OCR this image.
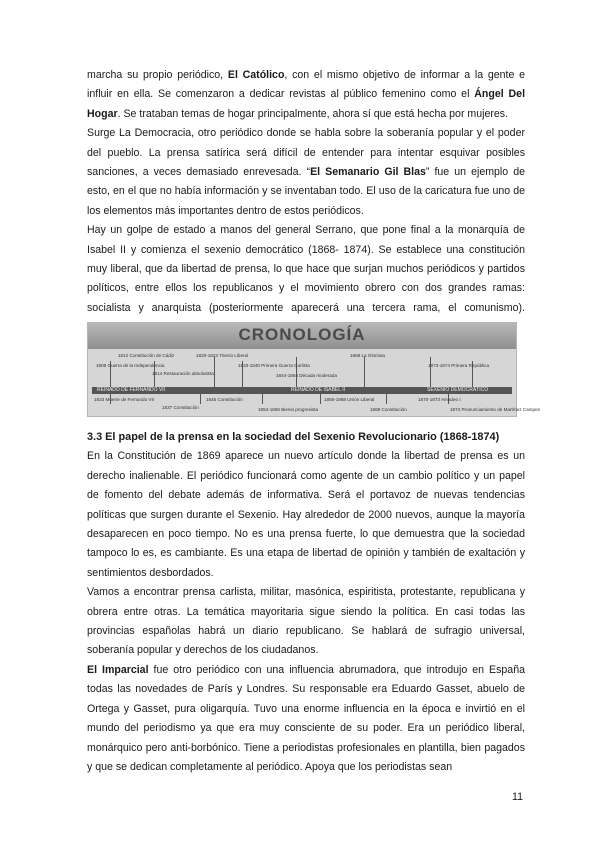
marcha su propio periódico, El Católico, con el mismo objetivo de informar a la gente e influir en ella. Se comenzaron a dedicar revistas al público femenino como el Ángel Del Hogar. Se trataban temas de hogar principalmente, ahora sí que está hecha por mujeres.

Surge La Democracia, otro periódico donde se habla sobre la soberanía popular y el poder del pueblo. La prensa satírica será difícil de entender para intentar esquivar posibles sanciones, a veces demasiado enrevesada. “El Semanario Gil Blas” fue un ejemplo de esto, en el que no había información y se inventaban todo. El uso de la caricatura fue uno de los elementos más importantes dentro de estos periódicos.

Hay un golpe de estado a manos del general Serrano, que pone final a la monarquía de Isabel II y comienza el sexenio democrático (1868- 1874). Se establece una constitución muy liberal, que da libertad de prensa, lo que hace que surjan muchos periódicos y partidos políticos, entre ellos los republicanos y el movimiento obrero con dos grandes ramas: socialista y anarquista (posteriormente aparecerá una tercera rama, el comunismo).

CRONOLOGÍA
REINADO DE FERNANDO VII	REINADO DE ISABEL II	SEXENIO DEMOCRÁTICO
1808 Guerra de la Independencia
1812 Constitución de Cádiz
1814 Restauración absolutista
1820-1823 Trienio Liberal
1833-1840 Primera Guerra Carlista
1844-1854 Década moderada
1868 La Gloriosa
1873-1874 Primera República
1833 Muerte de Fernando VII
1837 Constitución
1845 Constitución
1854-1856 Bienio progresista
1856-1868 Unión Liberal
1869 Constitución
1870-1873 Amadeo I
1874 Pronunciamiento de Martínez Campos
3.3 El papel de la prensa en la sociedad del Sexenio Revolucionario (1868-1874)

En la Constitución de 1869 aparece un nuevo artículo donde la libertad de prensa es un derecho inalienable. El periódico funcionará como agente de un cambio político y un papel de fomento del debate además de informativa. Será el portavoz de nuevas tendencias políticas que surgen durante el Sexenio. Hay alrededor de 2000 nuevos, aunque la mayoría desaparecen en poco tiempo. No es una prensa fuerte, lo que demuestra que la sociedad tampoco lo es, es cambiante. Es una etapa de libertad de opinión y también de exaltación y sentimientos desbordados.

Vamos a encontrar prensa carlista, militar, masónica, espiritista, protestante, republicana y obrera entre otras. La temática mayoritaria sigue siendo la política. En casi todas las provincias españolas habrá un diario republicano. Se hablará de sufragio universal, soberanía popular y derechos de los ciudadanos.

El Imparcial fue otro periódico con una influencia abrumadora, que introdujo en España todas las novedades de París y Londres. Su responsable era Eduardo Gasset, abuelo de Ortega y Gasset, pura oligarquía. Tuvo una enorme influencia en la época e invirtió en el mundo del periodismo ya que era muy consciente de su poder. Era un periódico liberal, monárquico pero anti-borbónico. Tiene a periodistas profesionales en plantilla, bien pagados y que se dedican completamente al periódico. Apoya que los periodistas sean

11
